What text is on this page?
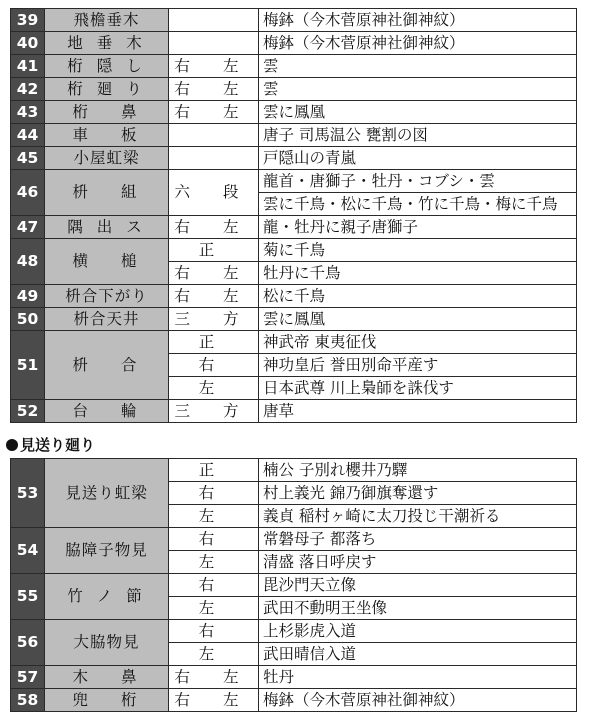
39	飛檐垂木		梅鉢（今木菅原神社御神紋）
40	地垂木		梅鉢（今木菅原神社御神紋）
41	桁隠し	右 左	雲
42	桁廻り	右 左	雲
43	桁 鼻	右 左	雲に鳳凰
44	車 板		唐子 司馬温公 甕割の図
45	小屋虹梁		戸隠山の青嵐
46	枡 組	六 段	龍首・唐獅子・牡丹・コブシ・雲
			雲に千鳥・松に千鳥・竹に千鳥・梅に千鳥
47	隅出ス	右 左	龍・牡丹に親子唐獅子
48	横 槌	正	菊に千鳥
		右 左	牡丹に千鳥
49	枡合下がり	右 左	松に千鳥
50	枡合天井	三 方	雲に鳳凰
51	枡 合	正	神武帝 東夷征伐
		右	神功皇后 誉田別命平産す
		左	日本武尊 川上梟師を誅伐す
52	台 輪	三 方	唐草
見送り廻り
53	見送り虹梁	正	楠公 子別れ櫻井乃驛
		右	村上義光 錦乃御旗奪還す
		左	義貞 稲村ヶ崎に太刀投じ干潮祈る
54	脇障子物見	右	常磐母子 都落ち
		左	清盛 落日呼戻す
55	竹ノ節	右	毘沙門天立像
		左	武田不動明王坐像
56	大脇物見	右	上杉影虎入道
		左	武田晴信入道
57	木 鼻	右 左	牡丹
58	兜 桁	右 左	梅鉢（今木菅原神社御神紋）
